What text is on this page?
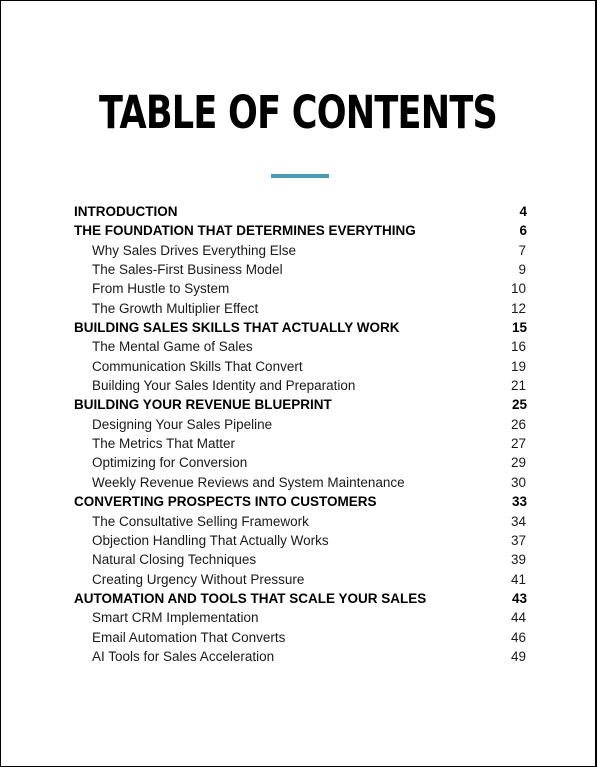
TABLE OF CONTENTS
INTRODUCTION	4
THE FOUNDATION THAT DETERMINES EVERYTHING	6
Why Sales Drives Everything Else	7
The Sales-First Business Model	9
From Hustle to System	10
The Growth Multiplier Effect	12
BUILDING SALES SKILLS THAT ACTUALLY WORK	15
The Mental Game of Sales	16
Communication Skills That Convert	19
Building Your Sales Identity and Preparation	21
BUILDING YOUR REVENUE BLUEPRINT	25
Designing Your Sales Pipeline	26
The Metrics That Matter	27
Optimizing for Conversion	29
Weekly Revenue Reviews and System Maintenance	30
CONVERTING PROSPECTS INTO CUSTOMERS	33
The Consultative Selling Framework	34
Objection Handling That Actually Works	37
Natural Closing Techniques	39
Creating Urgency Without Pressure	41
AUTOMATION AND TOOLS THAT SCALE YOUR SALES	43
Smart CRM Implementation	44
Email Automation That Converts	46
AI Tools for Sales Acceleration	49
